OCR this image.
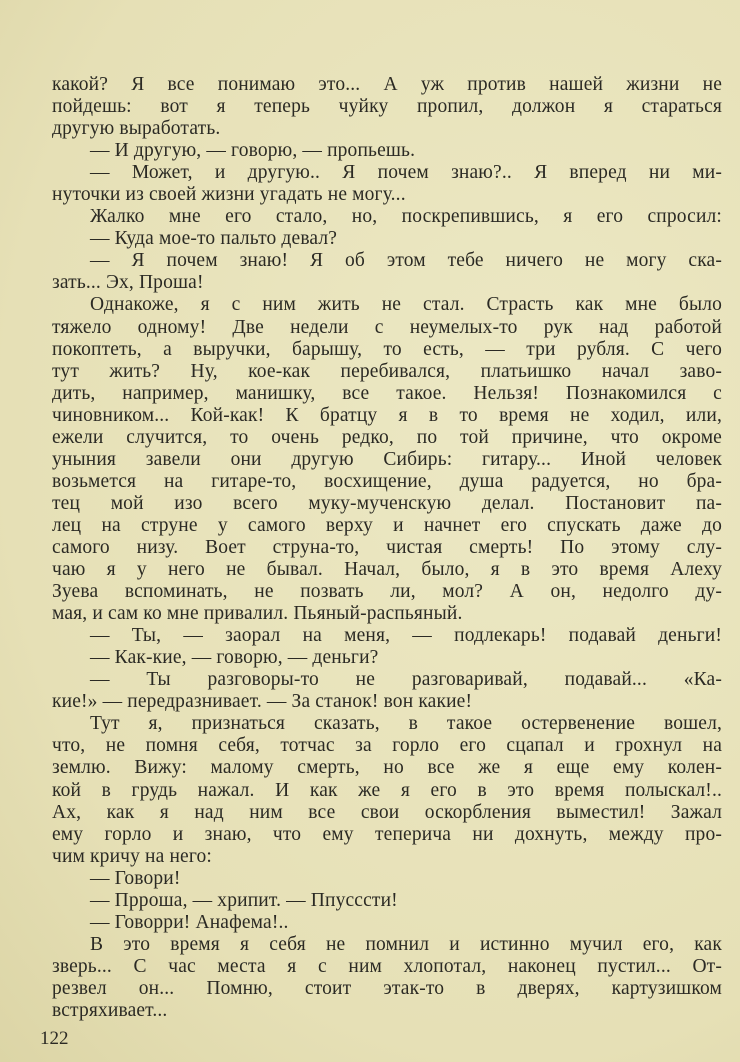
какой? Я все понимаю это... А уж против нашей жизни не
пойдешь: вот я теперь чуйку пропил, должон я стараться
другую выработать.
— И другую, — говорю, — пропьешь.
— Может, и другую.. Я почем знаю?.. Я вперед ни ми-
нуточки из своей жизни угадать не могу...
Жалко мне его стало, но, поскрепившись, я его спросил:
— Куда мое-то пальто девал?
— Я почем знаю! Я об этом тебе ничего не могу ска-
зать... Эх, Проша!
Однакоже, я с ним жить не стал. Страсть как мне было
тяжело одному! Две недели с неумелых-то рук над работой
покоптеть, а выручки, барышу, то есть, — три рубля. С чего
тут жить? Ну, кое-как перебивался, платьишко начал заво-
дить, например, манишку, все такое. Нельзя! Познакомился с
чиновником... Кой-как! К братцу я в то время не ходил, или,
ежели случится, то очень редко, по той причине, что окроме
уныния завели они другую Сибирь: гитару... Иной человек
возьмется на гитаре-то, восхищение, душа радуется, но бра-
тец мой изо всего муку-мученскую делал. Постановит па-
лец на струне у самого верху и начнет его спускать даже до
самого низу. Воет струна-то, чистая смерть! По этому слу-
чаю я у него не бывал. Начал, было, я в это время Алеху
Зуева вспоминать, не позвать ли, мол? А он, недолго ду-
мая, и сам ко мне привалил. Пьяный-распьяный.
— Ты, — заорал на меня, — подлекарь! подавай деньги!
— Как-кие, — говорю, — деньги?
— Ты разговоры-то не разговаривай, подавай... «Ка-
кие!» — передразнивает. — За станок! вон какие!
Тут я, признаться сказать, в такое остервенение вошел,
что, не помня себя, тотчас за горло его сцапал и грохнул на
землю. Вижу: малому смерть, но все же я еще ему колен-
кой в грудь нажал. И как же я его в это время полыскал!..
Ах, как я над ним все свои оскорбления выместил! Зажал
ему горло и знаю, что ему теперича ни дохнуть, между про-
чим кричу на него:
— Говори!
— Прроша, — хрипит. — Ппуссcти!
— Говорри! Анафема!..
В это время я себя не помнил и истинно мучил его, как
зверь... С час места я с ним хлопотал, наконец пустил... От-
резвел он... Помню, стоит этак-то в дверях, картузишком
встряхивает...
122
